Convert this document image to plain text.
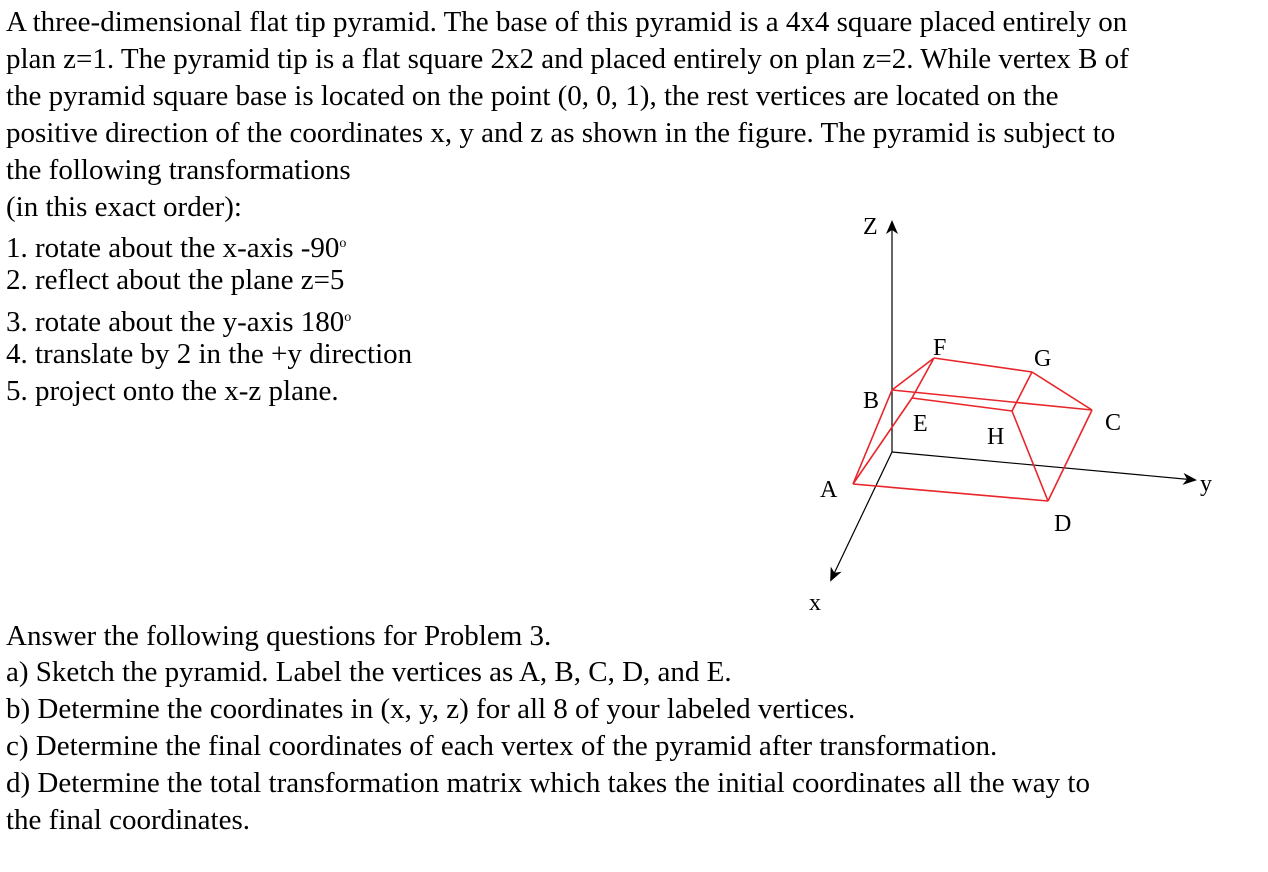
A three-dimensional flat tip pyramid. The base of this pyramid is a 4x4 square placed entirely on
plan z=1. The pyramid tip is a flat square 2x2 and placed entirely on plan z=2. While vertex B of
the pyramid square base is located on the point (0, 0, 1), the rest vertices are located on the
positive direction of the coordinates x, y and z as shown in the figure. The pyramid is subject to
the following transformations
(in this exact order):
1. rotate about the x-axis -90$^o$
2. reflect about the plane z=5
3. rotate about the y-axis 180$^o$
4. translate by 2 in the +y direction
5. project onto the x-z plane.
Z
y
x
A
B
C
D
E
F	G
H
Answer the following questions for Problem 3.
a) Sketch the pyramid. Label the vertices as A, B, C, D, and E.
b) Determine the coordinates in (x, y, z) for all 8 of your labeled vertices.
c) Determine the final coordinates of each vertex of the pyramid after transformation.
d) Determine the total transformation matrix which takes the initial coordinates all the way to
the final coordinates.
